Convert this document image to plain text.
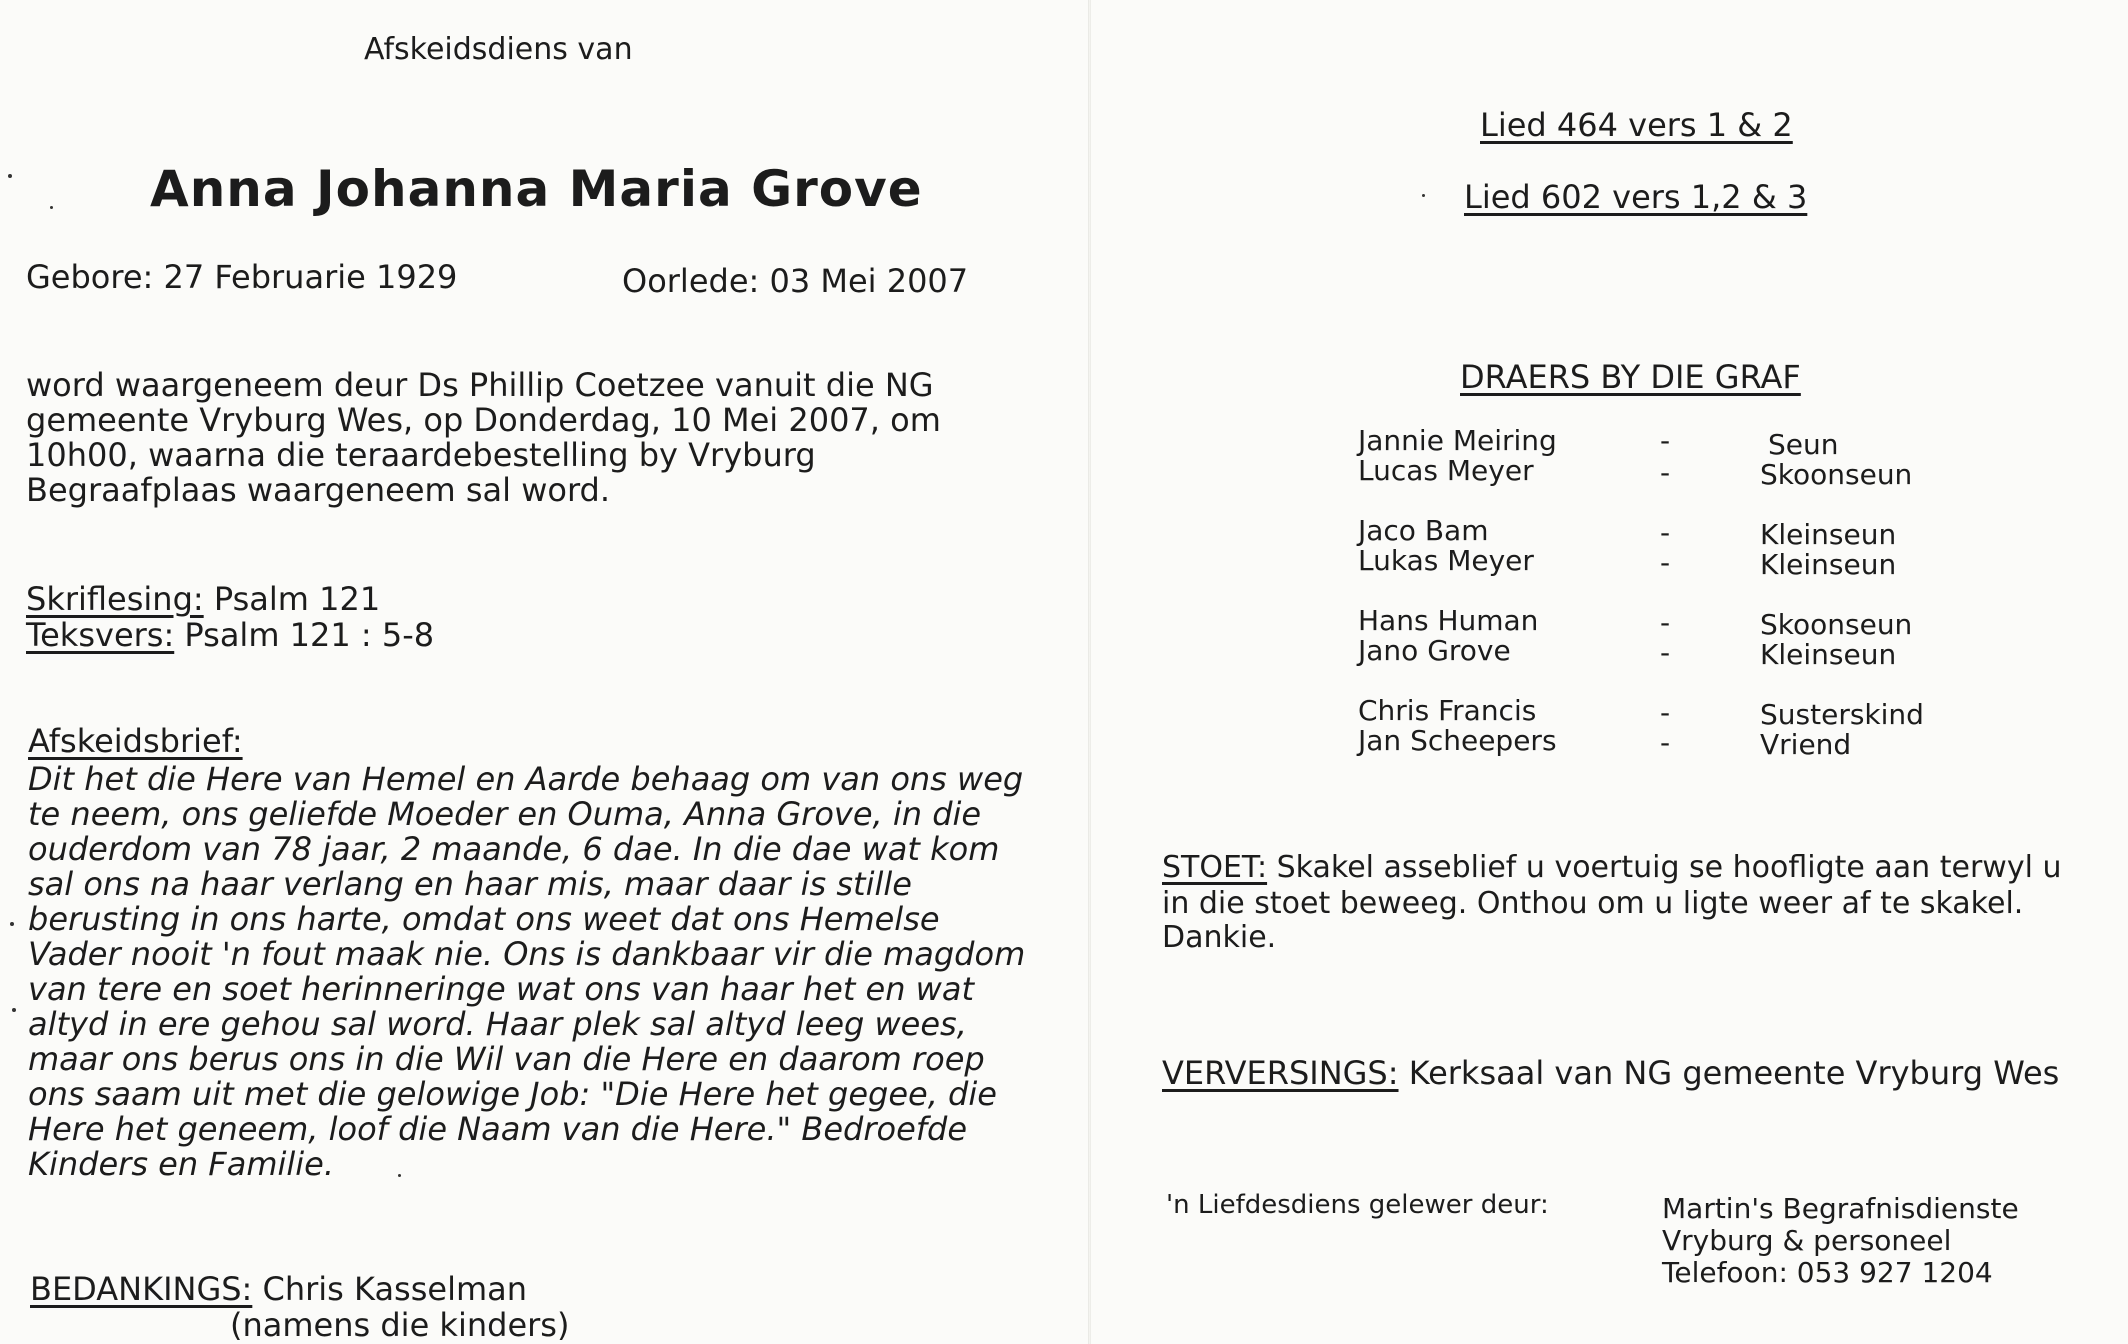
Afskeidsdiens van
Anna Johanna Maria Grove
Gebore: 27 Februarie 1929	Oorlede: 03 Mei 2007
word waargeneem deur Ds Phillip Coetzee vanuit die NG gemeente Vryburg Wes, op Donderdag, 10 Mei 2007, om 10h00, waarna die teraardebestelling by Vryburg Begraafplaas waargeneem sal word.
Skriflesing: Psalm 121
Teksvers: Psalm 121 : 5-8
Afskeidsbrief:
Dit het die Here van Hemel en Aarde behaag om van ons weg te neem, ons geliefde Moeder en Ouma, Anna Grove, in die ouderdom van 78 jaar, 2 maande, 6 dae. In die dae wat kom sal ons na haar verlang en haar mis, maar daar is stille berusting in ons harte, omdat ons weet dat ons Hemelse Vader nooit 'n fout maak nie. Ons is dankbaar vir die magdom van tere en soet herinneringe wat ons van haar het en wat altyd in ere gehou sal word. Haar plek sal altyd leeg wees, maar ons berus ons in die Wil van die Here en daarom roep ons saam uit met die gelowige Job: "Die Here het gegee, die Here het geneem, loof die Naam van die Here." Bedroefde Kinders en Familie.
BEDANKINGS: Chris Kasselman
(namens die kinders)
Lied 464 vers 1 & 2
Lied 602 vers 1,2 & 3
DRAERS BY DIE GRAF
Jannie Meiring	-	Seun
Lucas Meyer	-	Skoonseun
Jaco Bam	-	Kleinseun
Lukas Meyer	-	Kleinseun
Hans Human	-	Skoonseun
Jano Grove	-	Kleinseun
Chris Francis	-	Susterskind
Jan Scheepers	-	Vriend
STOET: Skakel asseblief u voertuig se hoofligte aan terwyl u
in die stoet beweeg. Onthou om u ligte weer af te skakel.
Dankie.
VERVERSINGS: Kerksaal van NG gemeente Vryburg Wes
'n Liefdesdiens gelewer deur:	Martin's Begrafnisdienste
Vryburg & personeel
Telefoon: 053 927 1204
